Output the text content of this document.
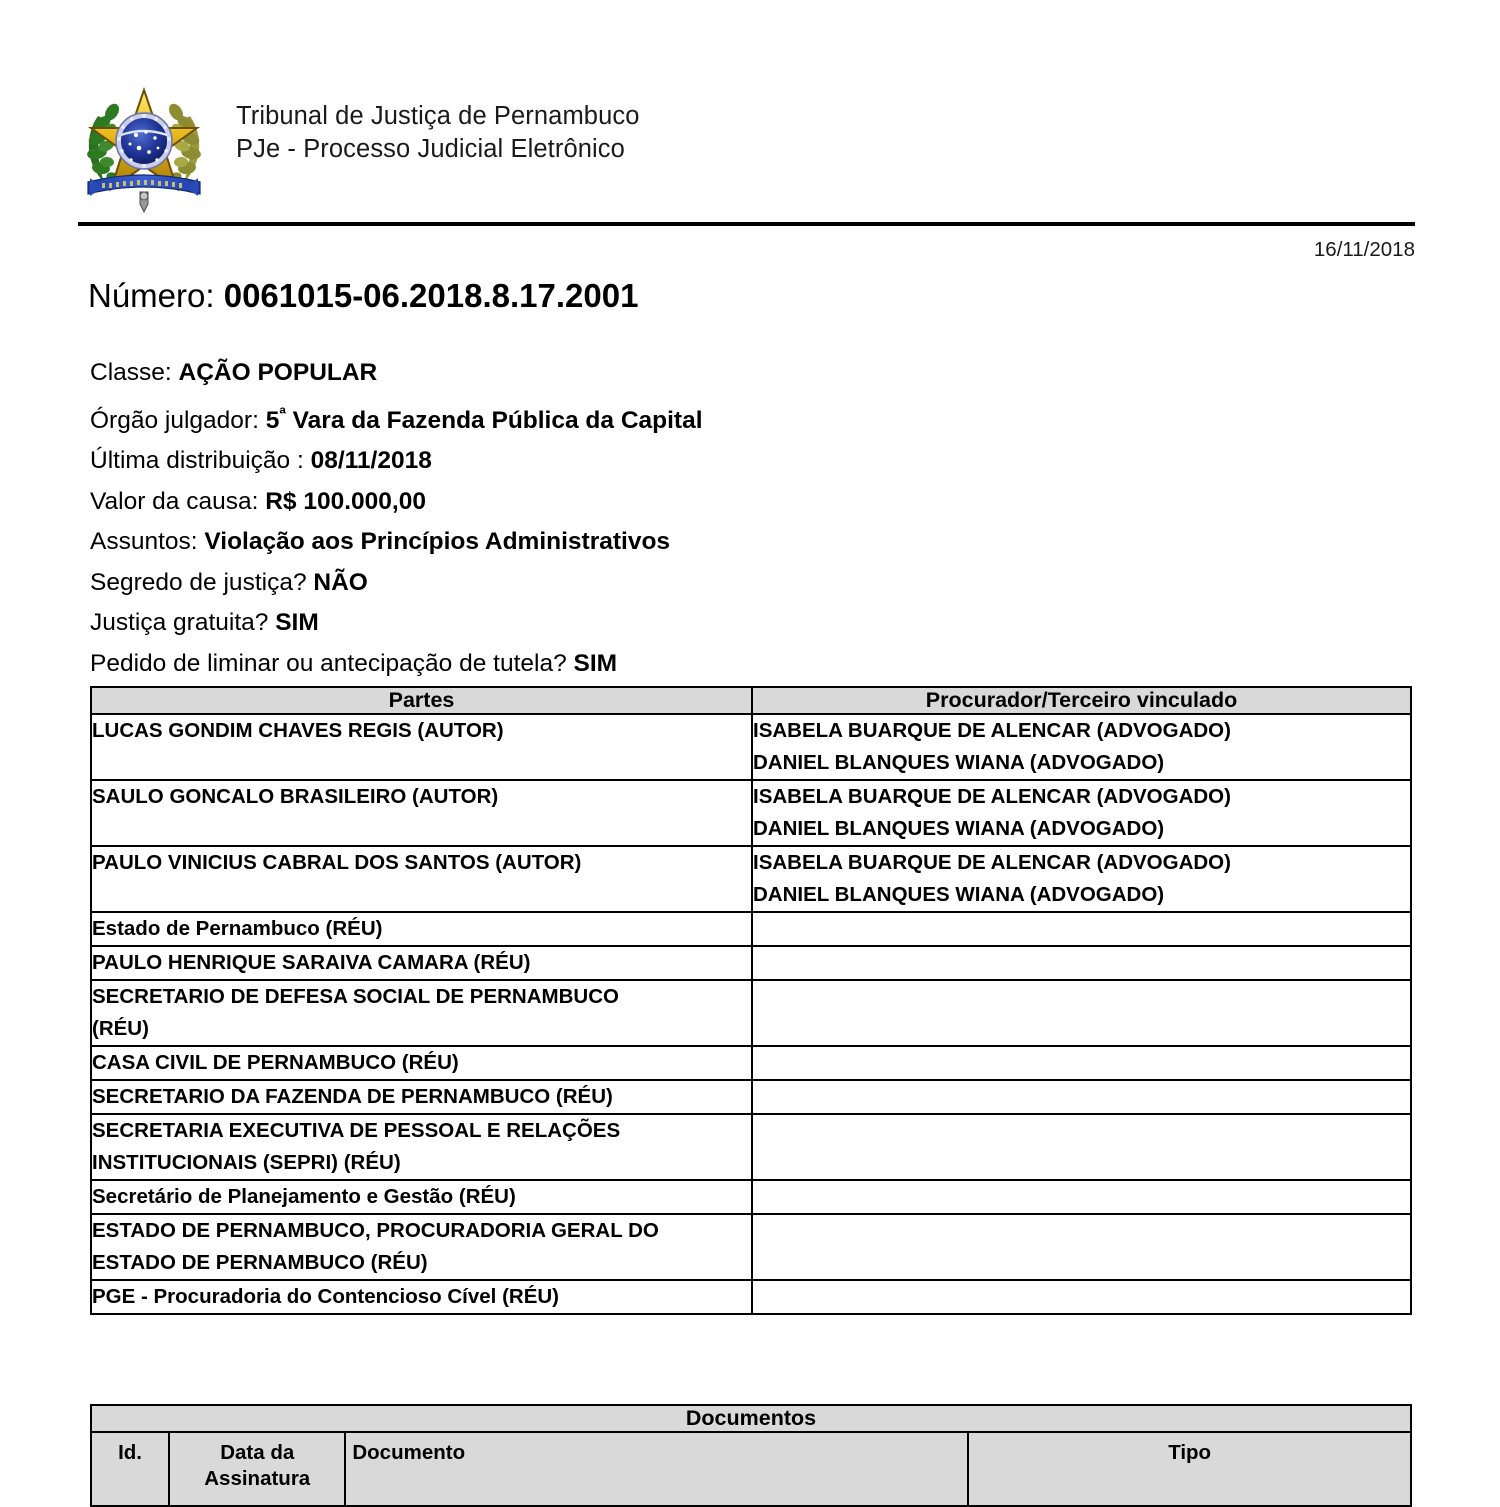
Tribunal de Justiça de Pernambuco
PJe - Processo Judicial Eletrônico
16/11/2018
Número: 0061015-06.2018.8.17.2001
Classe: AÇÃO POPULAR
Órgão julgador: $5^ª$ Vara da Fazenda Pública da Capital
Última distribuição : 08/11/2018
Valor da causa: R$ 100.000,00
Assuntos: Violação aos Princípios Administrativos
Segredo de justiça? NÃO
Justiça gratuita? SIM
Pedido de liminar ou antecipação de tutela? SIM
Partes	Procurador/Terceiro vinculado

LUCAS GONDIM CHAVES REGIS (AUTOR)	ISABELA BUARQUE DE ALENCAR (ADVOGADO)
DANIEL BLANQUES WIANA (ADVOGADO)

SAULO GONCALO BRASILEIRO (AUTOR)	ISABELA BUARQUE DE ALENCAR (ADVOGADO)
DANIEL BLANQUES WIANA (ADVOGADO)

PAULO VINICIUS CABRAL DOS SANTOS (AUTOR)	ISABELA BUARQUE DE ALENCAR (ADVOGADO)
DANIEL BLANQUES WIANA (ADVOGADO)

Estado de Pernambuco (RÉU)	

PAULO HENRIQUE SARAIVA CAMARA (RÉU)	

SECRETARIO DE DEFESA SOCIAL DE PERNAMBUCO
(RÉU)	

CASA CIVIL DE PERNAMBUCO (RÉU)	

SECRETARIO DA FAZENDA DE PERNAMBUCO (RÉU)	

SECRETARIA EXECUTIVA DE PESSOAL E RELAÇÕES
INSTITUCIONAIS (SEPRI) (RÉU)	

Secretário de Planejamento e Gestão (RÉU)	

ESTADO DE PERNAMBUCO, PROCURADORIA GERAL DO
ESTADO DE PERNAMBUCO (RÉU)	

PGE - Procuradoria do Contencioso Cível (RÉU)	

Documentos
Id.	Data da Assinatura	Documento	Tipo
